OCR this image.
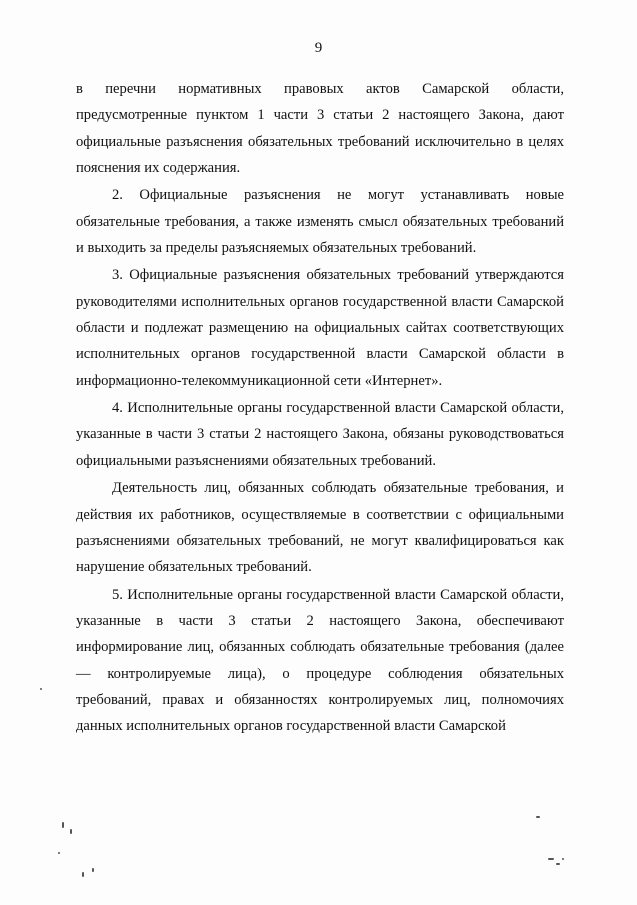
9

в перечни нормативных правовых актов Самарской области, предусмотренные пунктом 1 части 3 статьи 2 настоящего Закона, дают официальные разъяснения обязательных требований исключительно в целях пояснения их содержания.

2. Официальные разъяснения не могут устанавливать новые обязательные требования, а также изменять смысл обязательных требований и выходить за пределы разъясняемых обязательных требований.

3. Официальные разъяснения обязательных требований утверждаются руководителями исполнительных органов государственной власти Самарской области и подлежат размещению на официальных сайтах соответствующих исполнительных органов государственной власти Самарской области в информационно-телекоммуникационной сети «Интернет».

4. Исполнительные органы государственной власти Самарской области, указанные в части 3 статьи 2 настоящего Закона, обязаны руководствоваться официальными разъяснениями обязательных требований.

Деятельность лиц, обязанных соблюдать обязательные требования, и действия их работников, осуществляемые в соответствии с официальными разъяснениями обязательных требований, не могут квалифицироваться как нарушение обязательных требований.

5. Исполнительные органы государственной власти Самарской области, указанные в части 3 статьи 2 настоящего Закона, обеспечивают информирование лиц, обязанных соблюдать обязательные требования (далее — контролируемые лица), о процедуре соблюдения обязательных требований, правах и обязанностях контролируемых лиц, полномочиях данных исполнительных органов государственной власти Самарской
